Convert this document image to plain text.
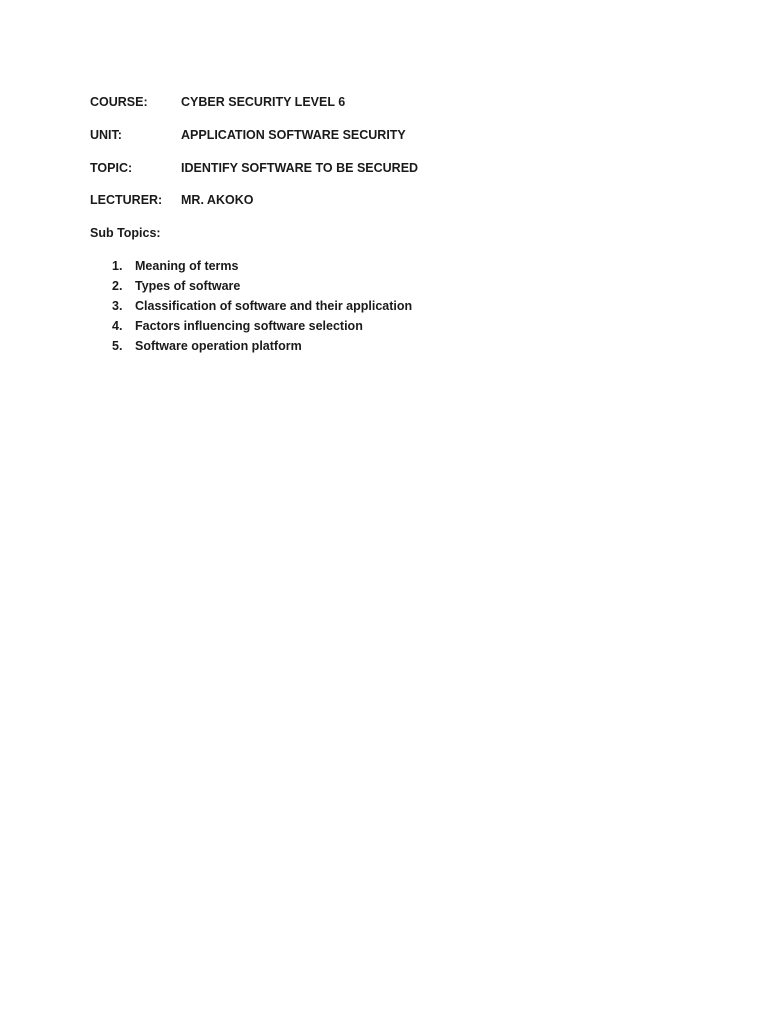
COURSE:	CYBER SECURITY LEVEL 6
UNIT:	APPLICATION SOFTWARE SECURITY
TOPIC:	IDENTIFY SOFTWARE TO BE SECURED
LECTURER: MR. AKOKO
Sub Topics:
1.	Meaning of terms
2.	Types of software
3.	Classification of software and their application
4.	Factors influencing software selection
5.	Software operation platform
